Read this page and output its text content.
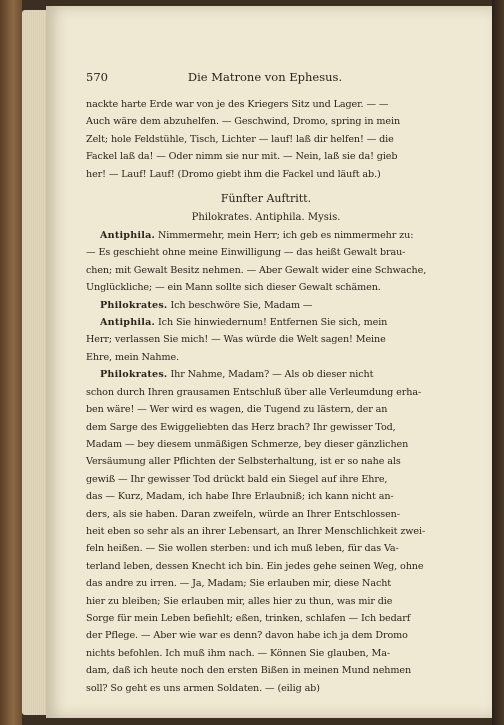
570	Die Matrone von Ephesus.
nackte harte Erde war von je des Kriegers Sitz und Lager. — —
Auch wäre dem abzuhelfen. — Geschwind, Dromo, spring in mein
Zelt; hole Feldstühle, Tisch, Lichter — lauf! laß dir helfen! — die
Fackel laß da! — Oder nimm sie nur mit. — Nein, laß sie da! gieb
her! — Lauf! Lauf! (Dromo giebt ihm die Fackel und läuft ab.)
Fünfter Auftritt.
Philokrates. Antiphila. Mysis.
Antiphila. Nimmermehr, mein Herr; ich geb es nimmermehr zu:
— Es geschieht ohne meine Einwilligung — das heißt Gewalt brau-
chen; mit Gewalt Besitz nehmen. — Aber Gewalt wider eine Schwache,
Unglückliche; — ein Mann sollte sich dieser Gewalt schämen.
Philokrates. Ich beschwöre Sie, Madam —
Antiphila. Ich Sie hinwiedernum! Entfernen Sie sich, mein
Herr; verlassen Sie mich! — Was würde die Welt sagen! Meine
Ehre, mein Nahme.
Philokrates. Ihr Nahme, Madam? — Als ob dieser nicht
schon durch Ihren grausamen Entschluß über alle Verleumdung erha-
ben wäre! — Wer wird es wagen, die Tugend zu lästern, der an
dem Sarge des Ewiggeliebten das Herz brach? Ihr gewisser Tod,
Madam — bey diesem unmäßigen Schmerze, bey dieser gänzlichen
Versäumung aller Pflichten der Selbsterhaltung, ist er so nahe als
gewiß — Ihr gewisser Tod drückt bald ein Siegel auf ihre Ehre,
das — Kurz, Madam, ich habe Ihre Erlaubniß; ich kann nicht an-
ders, als sie haben. Daran zweifeln, würde an Ihrer Entschlossen-
heit eben so sehr als an ihrer Lebensart, an Ihrer Menschlichkeit zwei-
feln heißen. — Sie wollen sterben: und ich muß leben, für das Va-
terland leben, dessen Knecht ich bin. Ein jedes gehe seinen Weg, ohne
das andre zu irren. — Ja, Madam; Sie erlauben mir, diese Nacht
hier zu bleiben; Sie erlauben mir, alles hier zu thun, was mir die
Sorge für mein Leben befiehlt; eßen, trinken, schlafen — Ich bedarf
der Pflege. — Aber wie war es denn? davon habe ich ja dem Dromo
nichts befohlen. Ich muß ihm nach. — Können Sie glauben, Ma-
dam, daß ich heute noch den ersten Bißen in meinen Mund nehmen
soll? So geht es uns armen Soldaten. — (eilig ab)
